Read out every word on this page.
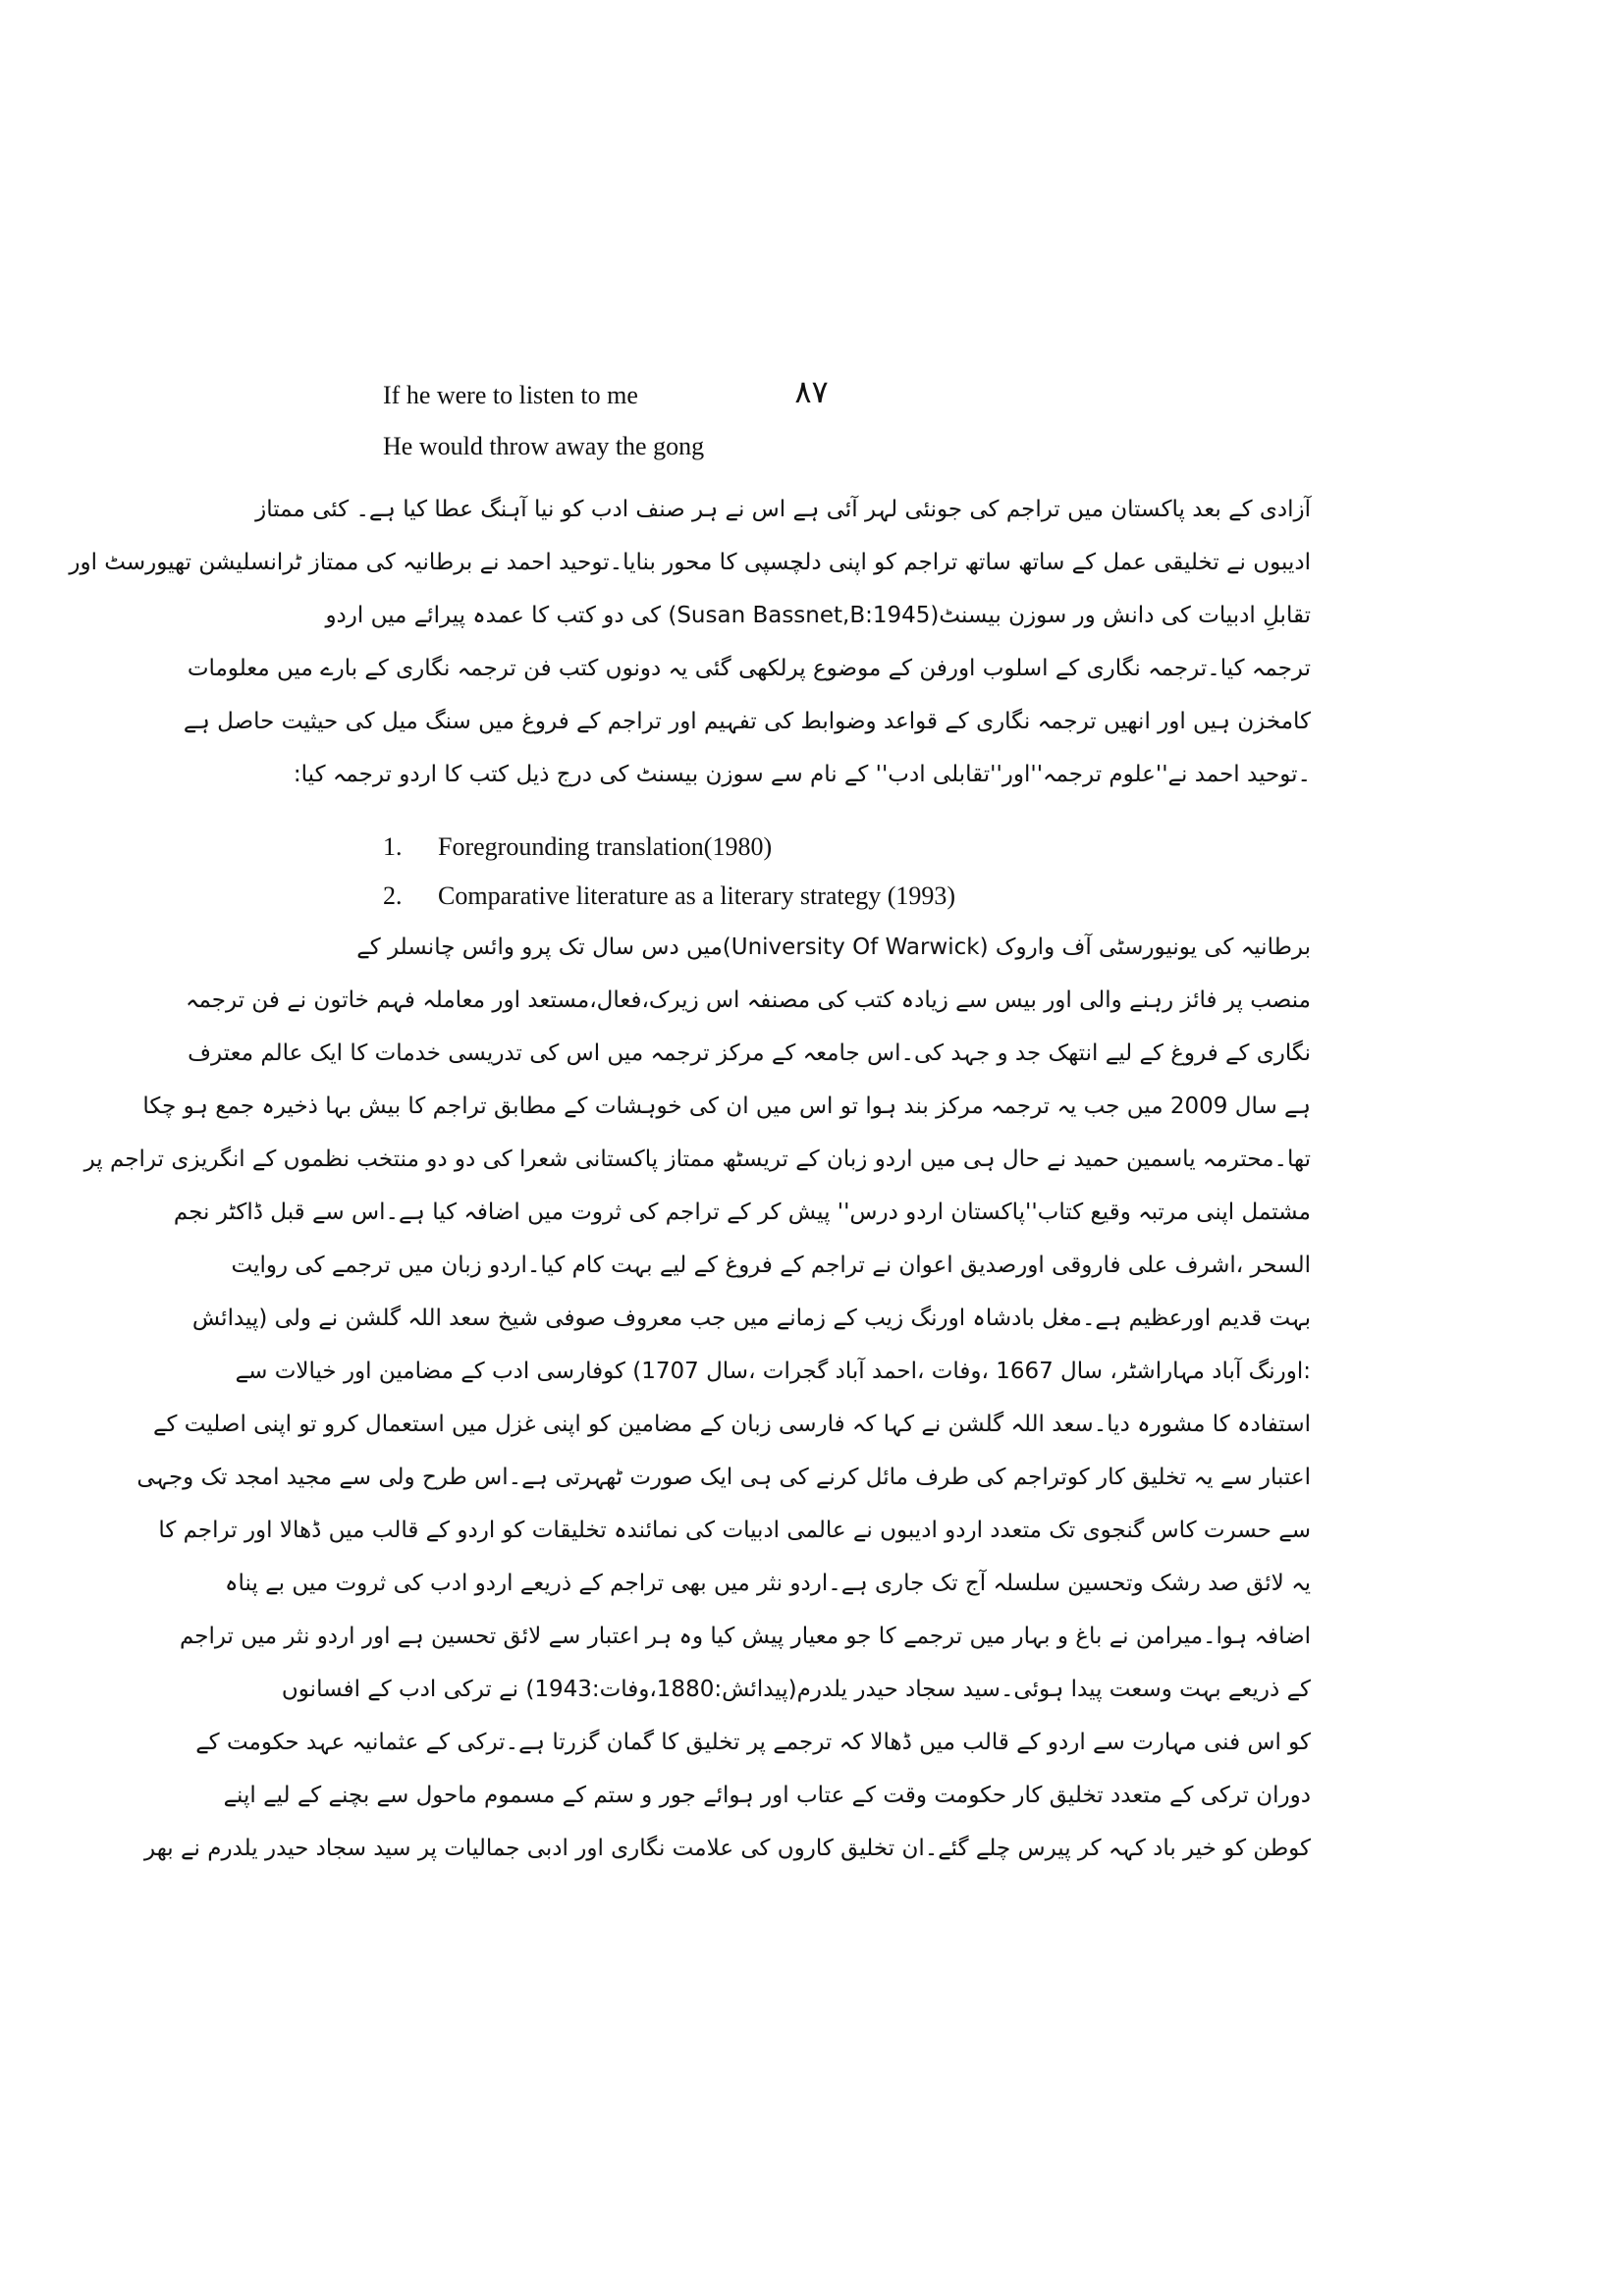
۸۷
If he were to listen to me
He would throw away the gong

آزادی کے بعد پاکستان میں تراجم کی جونئی لہر آئی ہے اس نے ہر صنف ادب کو نیا آہنگ عطا کیا ہے۔ کئی ممتاز
ادیبوں نے تخلیقی عمل کے ساتھ ساتھ تراجم کو اپنی دلچسپی کا محور بنایا۔توحید احمد نے برطانیہ کی ممتاز ٹرانسلیشن تھیورسٹ اور
تقابلِ ادبیات کی دانش ور سوزن بیسنٹ(Susan Bassnet,B:1945) کی دو کتب کا عمدہ پیرائے میں اردو
ترجمہ کیا۔ترجمہ نگاری کے اسلوب اورفن کے موضوع پرلکھی گئی یہ دونوں کتب فن ترجمہ نگاری کے بارے میں معلومات
کامخزن ہیں اور انھیں ترجمہ نگاری کے قواعد وضوابط کی تفہیم اور تراجم کے فروغ میں سنگ میل کی حیثیت حاصل ہے
۔توحید احمد نے''علوم ترجمہ''اور''تقابلی ادب'' کے نام سے سوزن بیسنٹ کی درج ذیل کتب کا اردو ترجمہ کیا:

1. Foregrounding translation(1980)
2. Comparative literature as a literary strategy (1993)

برطانیہ کی یونیورسٹی آف واروک (University Of Warwick)میں دس سال تک پرو وائس چانسلر کے
منصب پر فائز رہنے والی اور بیس سے زیادہ کتب کی مصنفہ اس زیرک،فعال،مستعد اور معاملہ فہم خاتون نے فن ترجمہ
نگاری کے فروغ کے لیے انتھک جد و جہد کی۔اس جامعہ کے مرکز ترجمہ میں اس کی تدریسی خدمات کا ایک عالم معترف
ہے سال 2009 میں جب یہ ترجمہ مرکز بند ہوا تو اس میں ان کی خوہشات کے مطابق تراجم کا بیش بہا ذخیرہ جمع ہو چکا
تھا۔محترمہ یاسمین حمید نے حال ہی میں اردو زبان کے تریسٹھ ممتاز پاکستانی شعرا کی دو دو منتخب نظموں کے انگریزی تراجم پر
مشتمل اپنی مرتبہ وقیع کتاب''پاکستان اردو درس'' پیش کر کے تراجم کی ثروت میں اضافہ کیا ہے۔اس سے قبل ڈاکٹر نجم
السحر ،اشرف علی فاروقی اورصدیق اعوان نے تراجم کے فروغ کے لیے بہت کام کیا۔اردو زبان میں ترجمے کی روایت
بہت قدیم اورعظیم ہے۔مغل بادشاہ اورنگ زیب کے زمانے میں جب معروف صوفی شیخ سعد اللہ گلشن نے ولی (پیدائش
:اورنگ آباد مہاراشٹر، سال 1667 ،وفات ،احمد آباد گجرات ،سال 1707) کوفارسی ادب کے مضامین اور خیالات سے
استفادہ کا مشورہ دیا۔سعد اللہ گلشن نے کہا کہ فارسی زبان کے مضامین کو اپنی غزل میں استعمال کرو تو اپنی اصلیت کے
اعتبار سے یہ تخلیق کار کوتراجم کی طرف مائل کرنے کی ہی ایک صورت ٹھہرتی ہے۔اس طرح ولی سے مجید امجد تک وجہی
سے حسرت کاس گنجوی تک متعدد اردو ادیبوں نے عالمی ادبیات کی نمائندہ تخلیقات کو اردو کے قالب میں ڈھالا اور تراجم کا
یہ لائق صد رشک وتحسین سلسلہ آج تک جاری ہے۔اردو نثر میں بھی تراجم کے ذریعے اردو ادب کی ثروت میں بے پناہ
اضافہ ہوا۔میرامن نے باغ و بہار میں ترجمے کا جو معیار پیش کیا وہ ہر اعتبار سے لائق تحسین ہے اور اردو نثر میں تراجم
کے ذریعے بہت وسعت پیدا ہوئی۔سید سجاد حیدر یلدرم(پیدائش:1880،وفات:1943) نے ترکی ادب کے افسانوں
کو اس فنی مہارت سے اردو کے قالب میں ڈھالا کہ ترجمے پر تخلیق کا گمان گزرتا ہے۔ترکی کے عثمانیہ عہد حکومت کے
دوران ترکی کے متعدد تخلیق کار حکومت وقت کے عتاب اور ہوائے جور و ستم کے مسموم ماحول سے بچنے کے لیے اپنے
کوطن کو خیر باد کہہ کر پیرس چلے گئے۔ان تخلیق کاروں کی علامت نگاری اور ادبی جمالیات پر سید سجاد حیدر یلدرم نے بھر
